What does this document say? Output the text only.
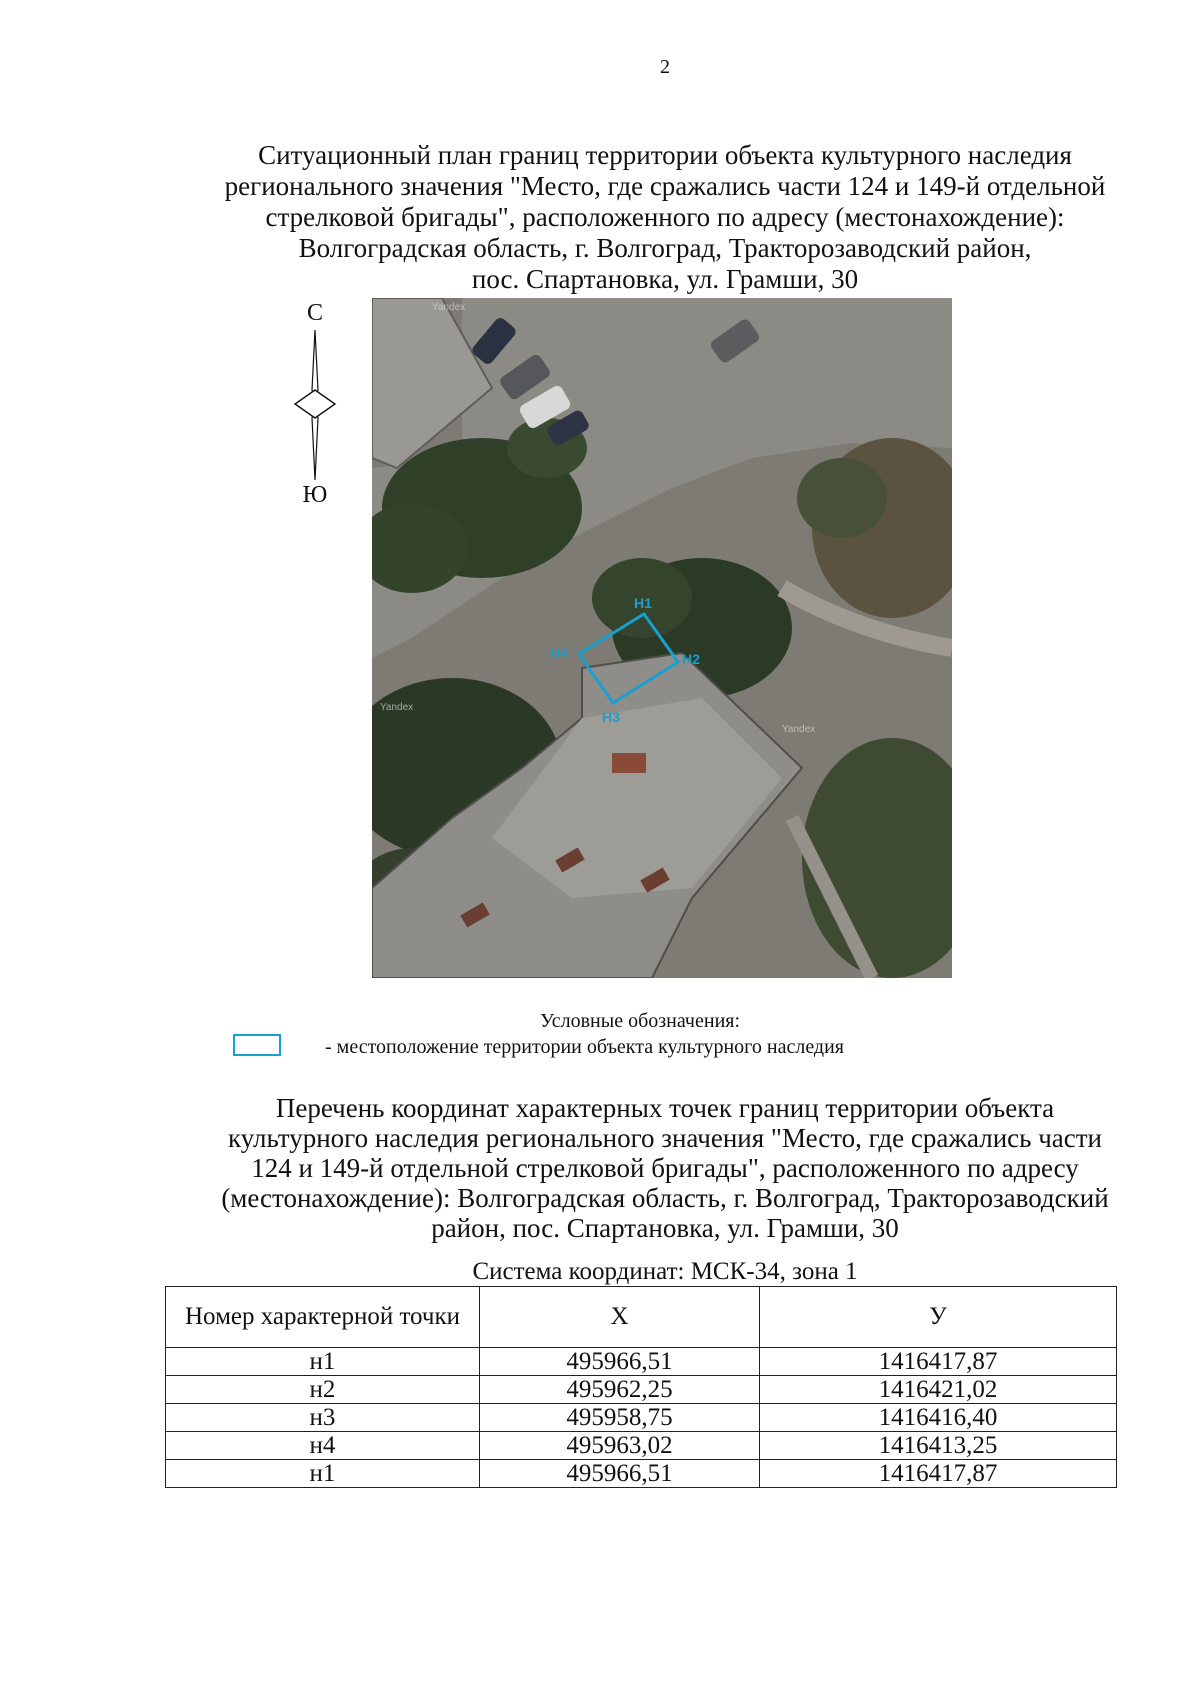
2
Ситуационный план границ территории объекта культурного наследия
регионального значения "Место, где сражались части 124 и 149-й отдельной
стрелковой бригады", расположенного по адресу (местонахождение):
Волгоградская область, г. Волгоград, Тракторозаводский район,
пос. Спартановка, ул. Грамши, 30
С
Ю
Н1
Н2
Н3
Н4
Yandex
Yandex
Yandex
Условные обозначения:
- местоположение территории объекта культурного наследия
Перечень координат характерных точек границ территории объекта
культурного наследия регионального значения "Место, где сражались части
124 и 149-й отдельной стрелковой бригады", расположенного по адресу
(местонахождение): Волгоградская область, г. Волгоград, Тракторозаводский
район, пос. Спартановка, ул. Грамши, 30
Система координат: МСК-34, зона 1
Номер характерной точки	X	У
н1	495966,51	1416417,87
н2	495962,25	1416421,02
н3	495958,75	1416416,40
н4	495963,02	1416413,25
н1	495966,51	1416417,87
